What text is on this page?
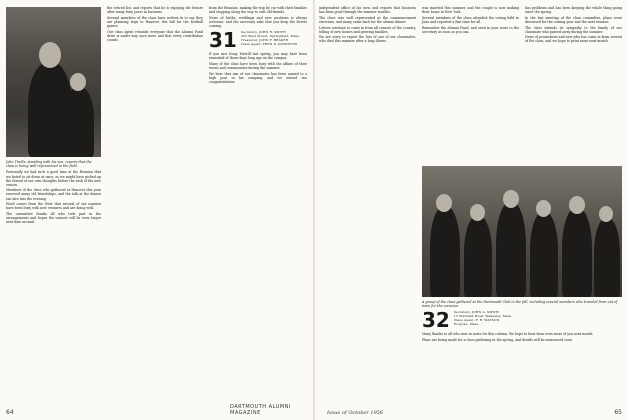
John Tirella, standing with his son, reports that the class is being well represented in the field.

Personally we had such a good time at the Reunion that we hated to sit down at once, as we might have picked up the thread of our own thoughts before the rush of the new season.

Members of the class who gathered at Hanover this year renewed many old friendships, and the talk at the dinner ran late into the evening.

Word comes from the West that several of our number have been busy with new ventures and are doing well.

The committee thanks all who took part in the arrangements and hopes the turnout will be even larger next time around.

the retired list, and reports that he is enjoying the leisure after many busy years in business.

Several members of the class have written in to say they are planning trips to Hanover this fall for the football games.

Our class agent reminds everyone that the Alumni Fund drive is under way once more and that every contribution counts.

from the Reunion, making the trip by car with their families and stopping along the way to visit old friends.

News of births, weddings and new positions is always welcome, and the secretary asks that you keep the letters coming.

31 Secretary, JOHN R. SMITH
225 West Street, Springfield, Mass.
Treasurer, JOHN F. BRAKER
Class Agent, FRED D. JOHNSTON

If you saw Doug Merrill last spring, you may have been reminded of those days long ago on the campus.

Many of the class have been busy with the affairs of their towns and communities during the summer.

We hear that one of our classmates has been named to a high post in his company, and we extend our congratulations.

64
DARTMOUTH ALUMNI MAGAZINE

independent office of his own, and reports that business has been good through the summer months.

The class was well represented at the commencement exercises, and many came back for the alumni dinner.

Letters continue to come in from all corners of the country, telling of new homes and growing families.

We are sorry to report the loss of one of our classmates, who died this summer after a long illness.

was married this summer, and the couple is now making their home in New York.

Several members of the class attended the outing held in June and reported a fine time for all.

Remember the Alumni Fund, and send in your news to the secretary as soon as you can.

A group of the class gathered at the Dartmouth Club in the fall, including several members who traveled from out of town for the occasion.

32 Secretary, JOHN A. SMITH
15 Standish Road, Wellesley, Mass.
Class Agent, F. R. WATSON
Holyoke, Mass.

Many thanks to all who sent in notes for this column. We hope to hear from even more of you next month.

Plans are being made for a class gathering in the spring, and details will be announced soon.

has problems and has been keeping the whole thing going since the spring.

In the last meeting of the class committee, plans were discussed for the coming year and the next reunion.

The class extends its sympathy to the family of our classmate who passed away during the summer.

News of promotions and new jobs has come in from several of the class, and we hope to print more next month.

Issue of October 1956	65
